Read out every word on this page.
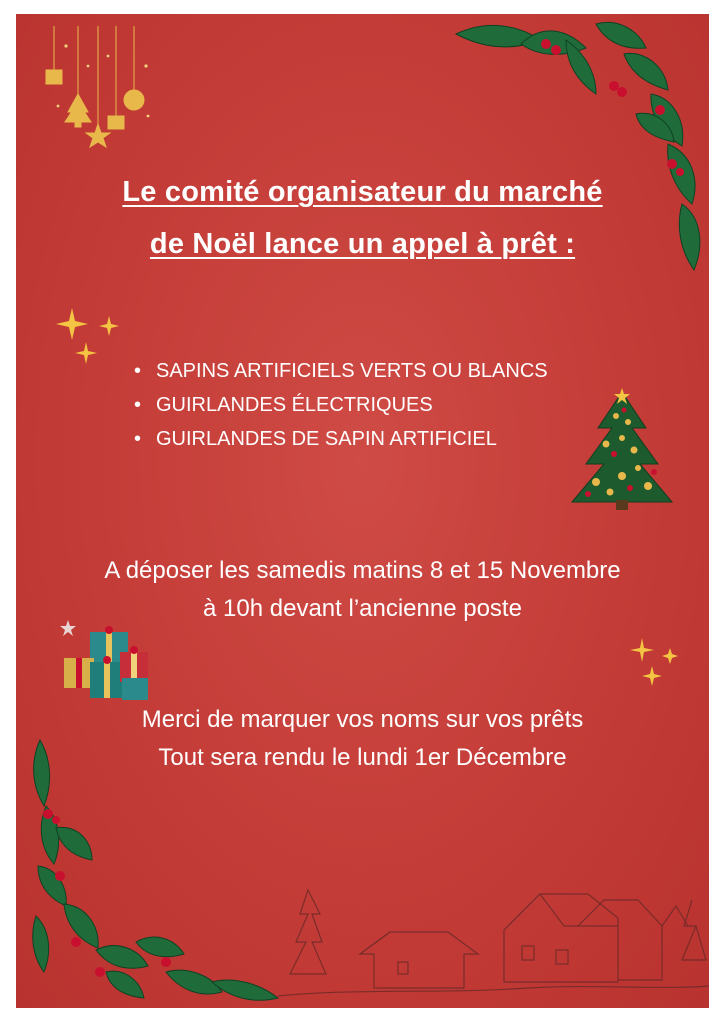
Le comité organisateur du marché
de Noël lance un appel à prêt :
• SAPINS ARTIFICIELS VERTS OU BLANCS
• GUIRLANDES ÉLECTRIQUES
• GUIRLANDES DE SAPIN ARTIFICIEL
A déposer les samedis matins 8 et 15 Novembre
à 10h devant l’ancienne poste
Merci de marquer vos noms sur vos prêts
Tout sera rendu le lundi 1er Décembre
